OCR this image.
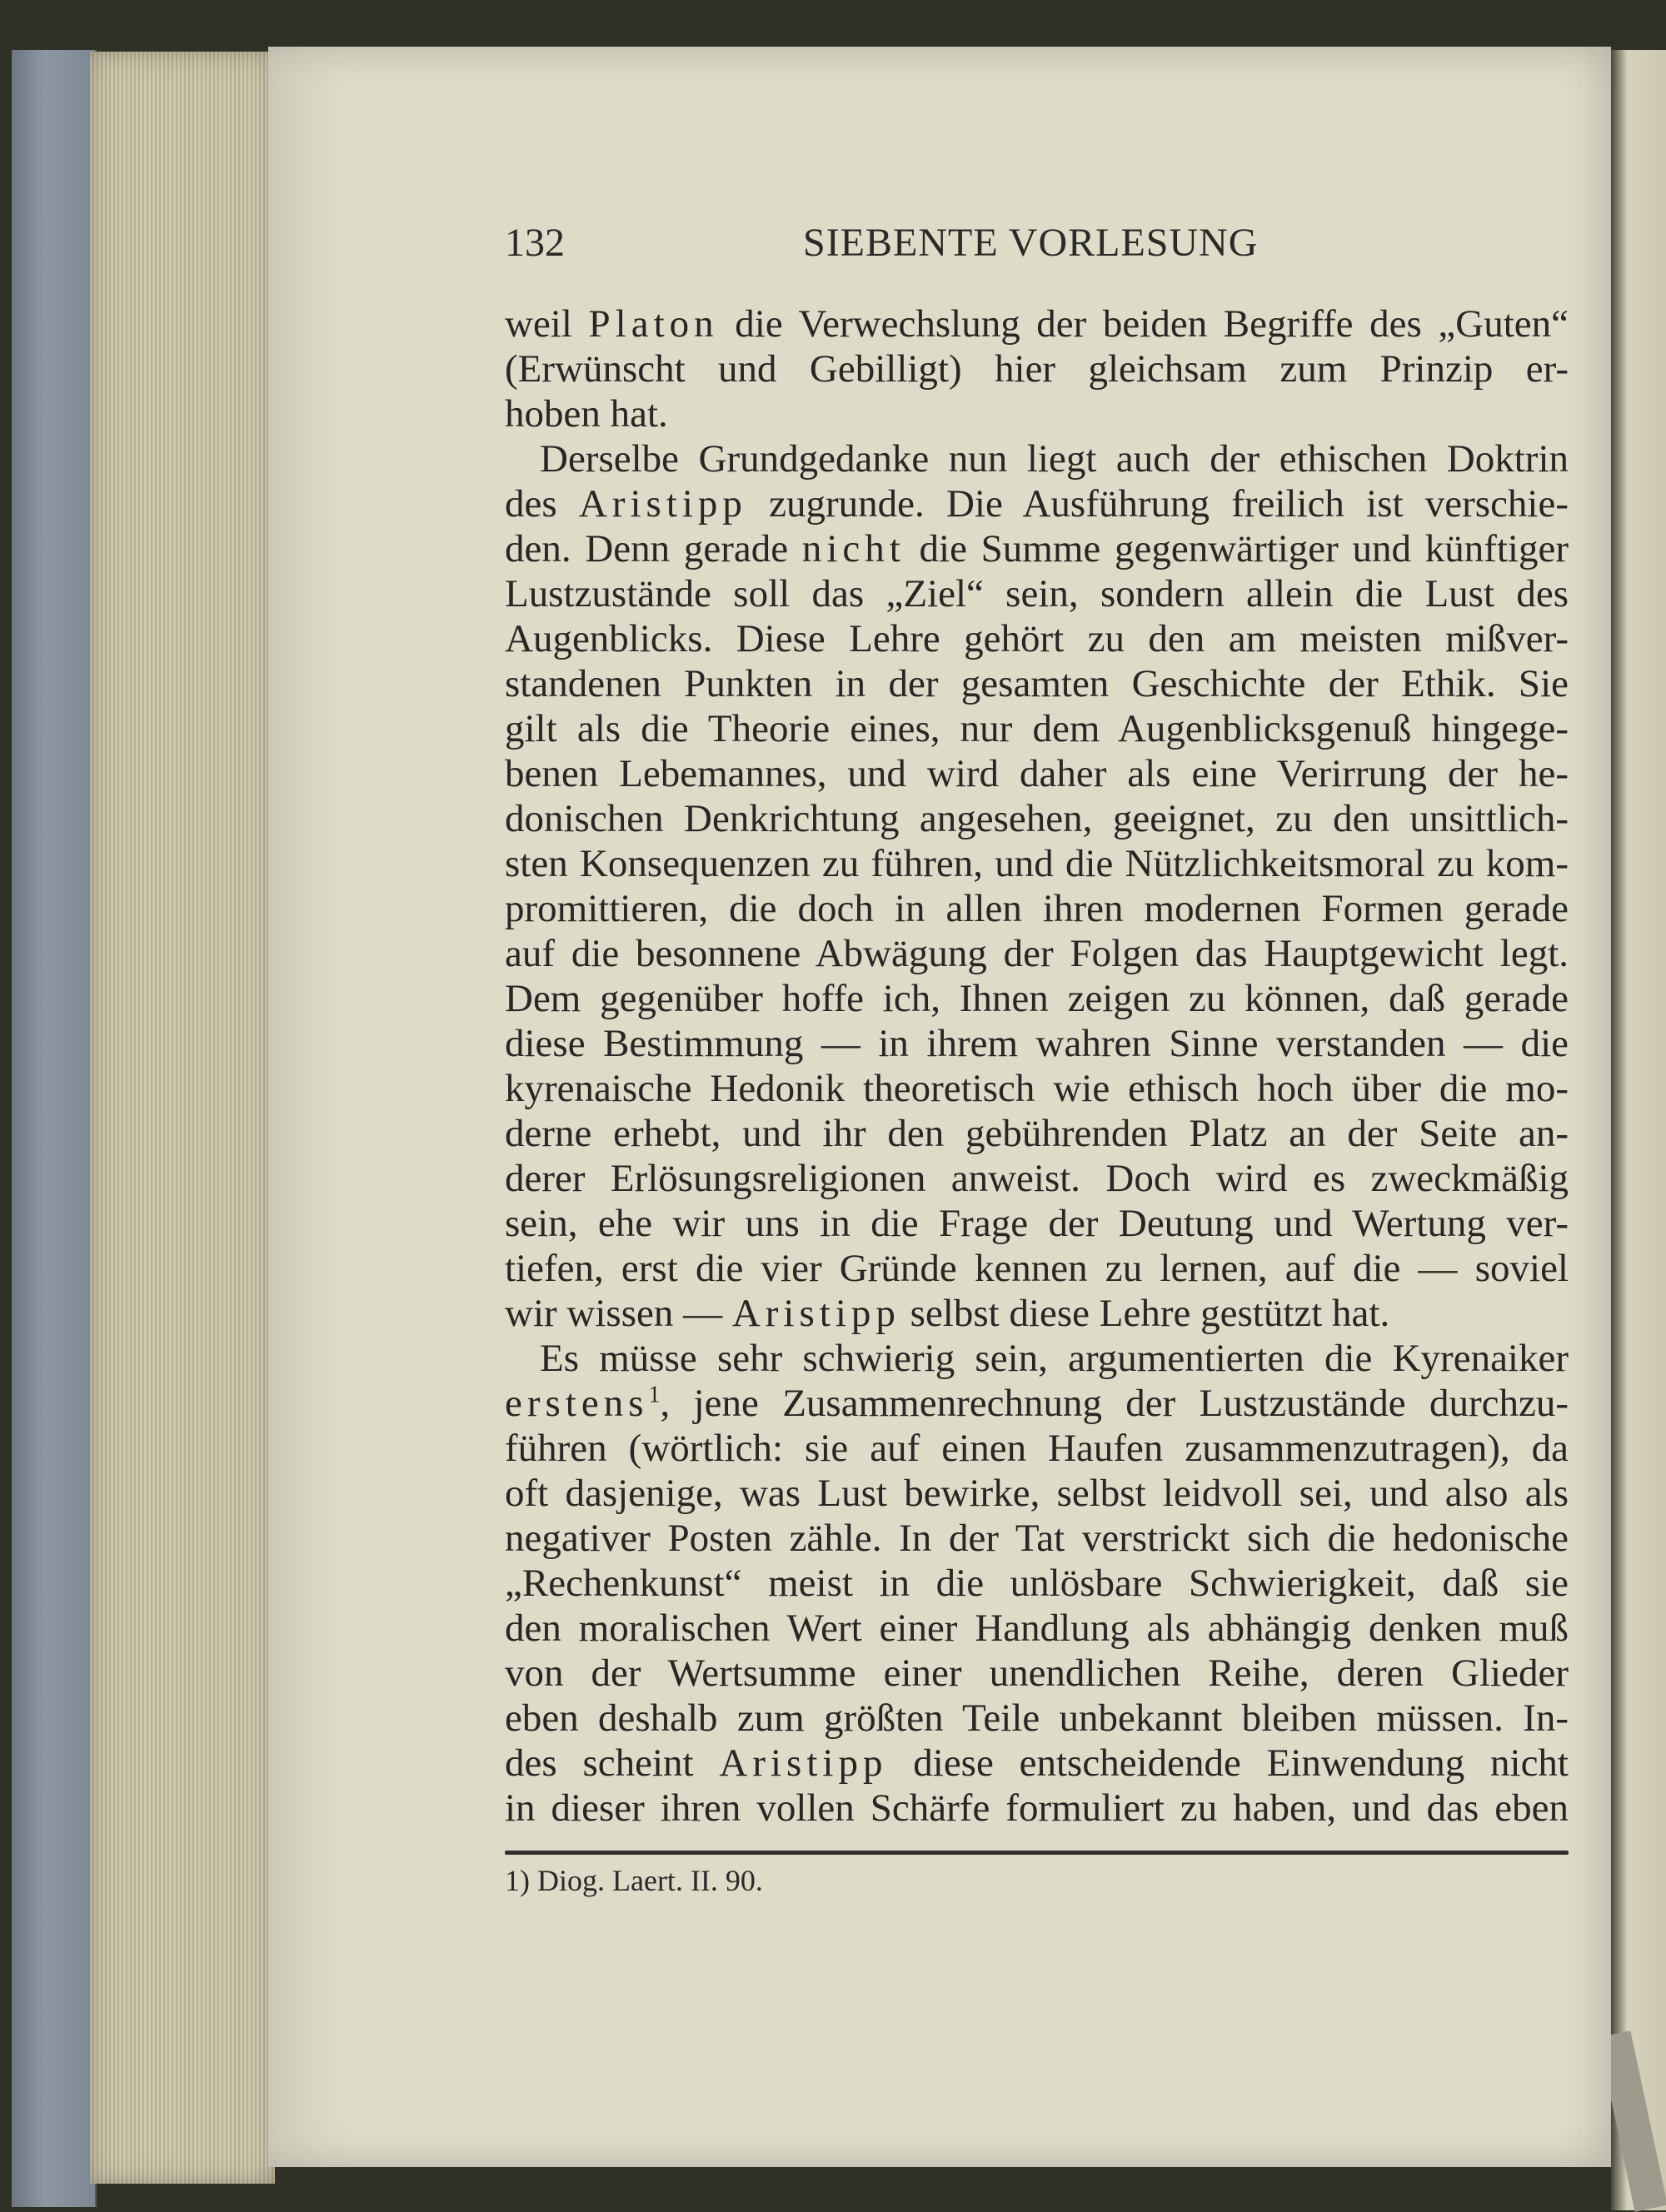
132	SIEBENTE VORLESUNG
weil Platon die Verwechslung der beiden Begriffe des „Guten“
(Erwünscht und Gebilligt) hier gleichsam zum Prinzip er-
hoben hat.
Derselbe Grundgedanke nun liegt auch der ethischen Doktrin
des Aristipp zugrunde. Die Ausführung freilich ist verschie-
den. Denn gerade nicht die Summe gegenwärtiger und künftiger
Lustzustände soll das „Ziel“ sein, sondern allein die Lust des
Augenblicks. Diese Lehre gehört zu den am meisten mißver-
standenen Punkten in der gesamten Geschichte der Ethik. Sie
gilt als die Theorie eines, nur dem Augenblicksgenuß hingege-
benen Lebemannes, und wird daher als eine Verirrung der he-
donischen Denkrichtung angesehen, geeignet, zu den unsittlich-
sten Konsequenzen zu führen, und die Nützlichkeitsmoral zu kom-
promittieren, die doch in allen ihren modernen Formen gerade
auf die besonnene Abwägung der Folgen das Hauptgewicht legt.
Dem gegenüber hoffe ich, Ihnen zeigen zu können, daß gerade
diese Bestimmung — in ihrem wahren Sinne verstanden — die
kyrenaische Hedonik theoretisch wie ethisch hoch über die mo-
derne erhebt, und ihr den gebührenden Platz an der Seite an-
derer Erlösungsreligionen anweist. Doch wird es zweckmäßig
sein, ehe wir uns in die Frage der Deutung und Wertung ver-
tiefen, erst die vier Gründe kennen zu lernen, auf die — soviel
wir wissen — Aristipp selbst diese Lehre gestützt hat.
Es müsse sehr schwierig sein, argumentierten die Kyrenaiker
erstens$^1$, jene Zusammenrechnung der Lustzustände durchzu-
führen (wörtlich: sie auf einen Haufen zusammenzutragen), da
oft dasjenige, was Lust bewirke, selbst leidvoll sei, und also als
negativer Posten zähle. In der Tat verstrickt sich die hedonische
„Rechenkunst“ meist in die unlösbare Schwierigkeit, daß sie
den moralischen Wert einer Handlung als abhängig denken muß
von der Wertsumme einer unendlichen Reihe, deren Glieder
eben deshalb zum größten Teile unbekannt bleiben müssen. In-
des scheint Aristipp diese entscheidende Einwendung nicht
in dieser ihren vollen Schärfe formuliert zu haben, und das eben
1) Diog. Laert. II. 90.
